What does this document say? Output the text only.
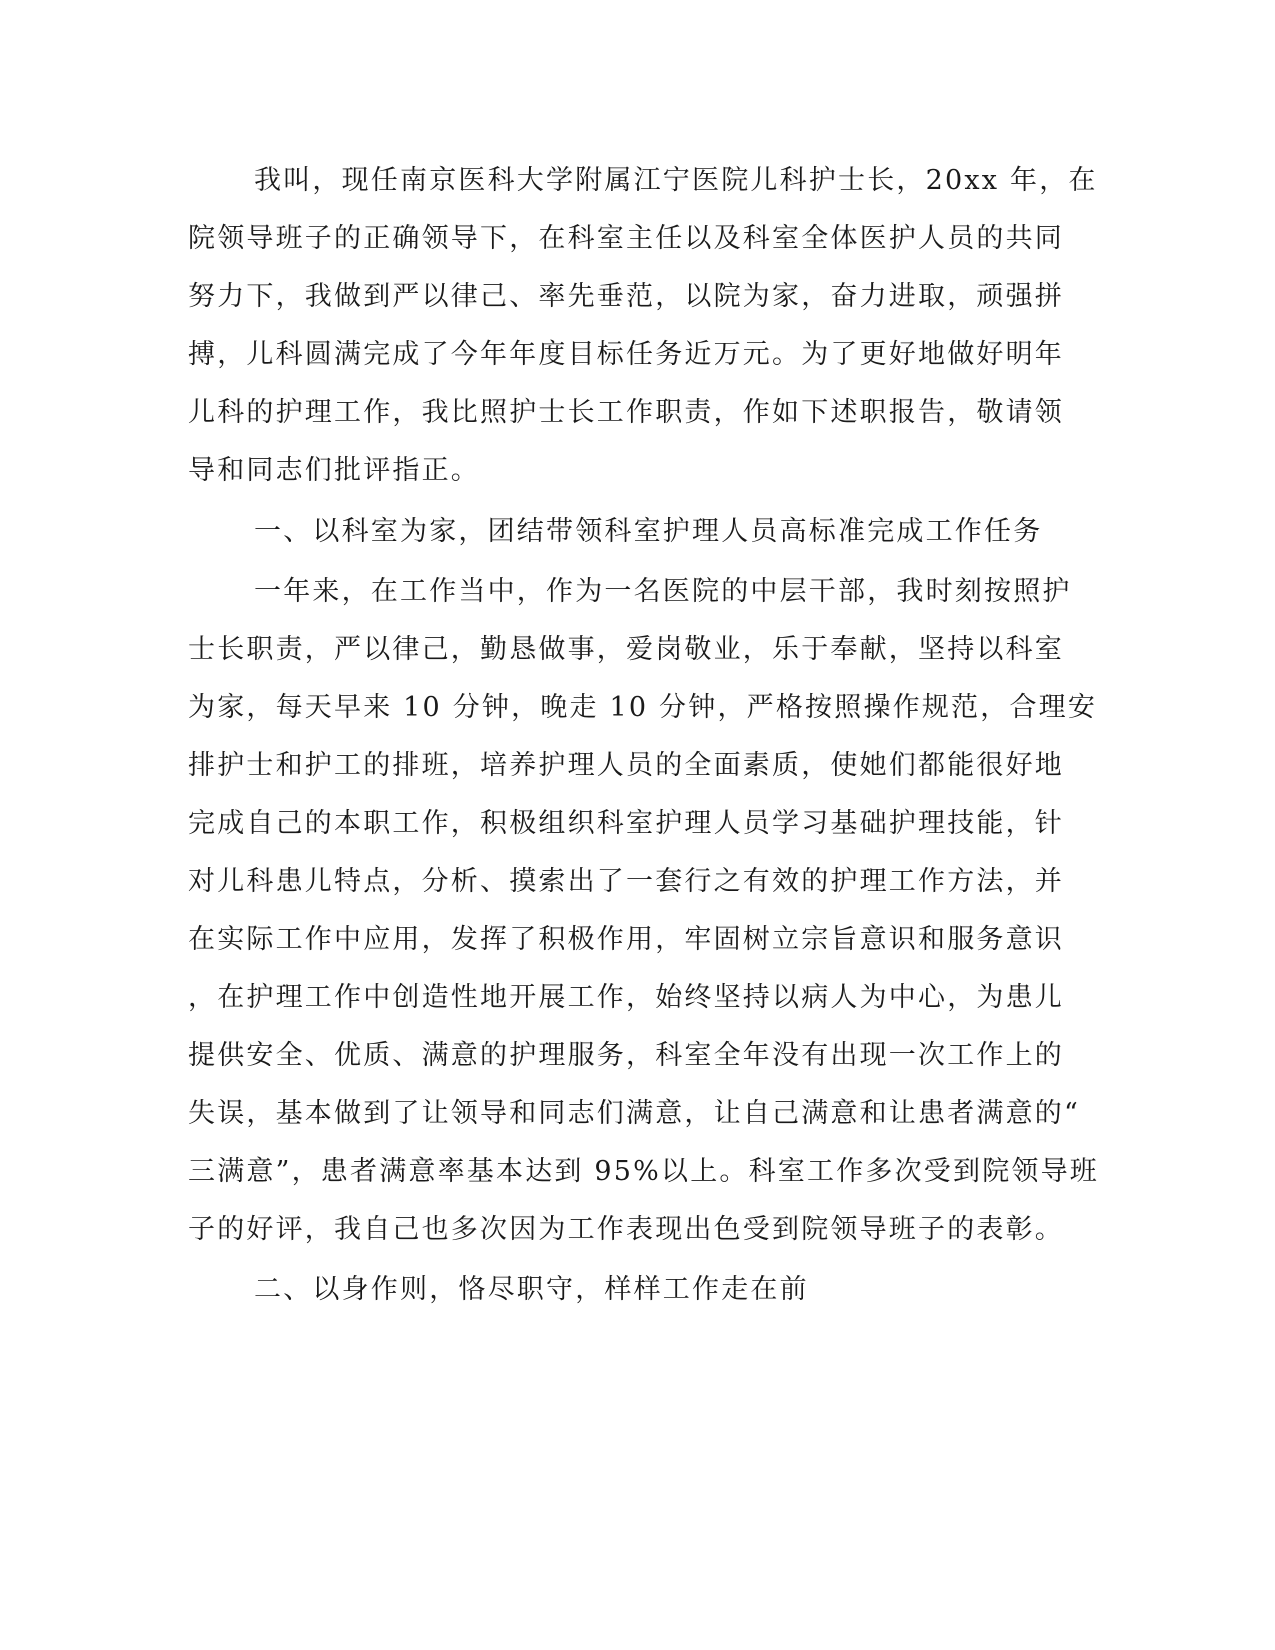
我叫，现任南京医科大学附属江宁医院儿科护士长，20xx 年，在
院领导班子的正确领导下，在科室主任以及科室全体医护人员的共同
努力下，我做到严以律己、率先垂范，以院为家，奋力进取，顽强拼
搏，儿科圆满完成了今年年度目标任务近万元。为了更好地做好明年
儿科的护理工作，我比照护士长工作职责，作如下述职报告，敬请领
导和同志们批评指正。
一、以科室为家，团结带领科室护理人员高标准完成工作任务
一年来，在工作当中，作为一名医院的中层干部，我时刻按照护
士长职责，严以律己，勤恳做事，爱岗敬业，乐于奉献，坚持以科室
为家，每天早来 10 分钟，晚走 10 分钟，严格按照操作规范，合理安
排护士和护工的排班，培养护理人员的全面素质，使她们都能很好地
完成自己的本职工作，积极组织科室护理人员学习基础护理技能，针
对儿科患儿特点，分析、摸索出了一套行之有效的护理工作方法，并
在实际工作中应用，发挥了积极作用，牢固树立宗旨意识和服务意识
，在护理工作中创造性地开展工作，始终坚持以病人为中心，为患儿
提供安全、优质、满意的护理服务，科室全年没有出现一次工作上的
失误，基本做到了让领导和同志们满意，让自己满意和让患者满意的“
三满意”，患者满意率基本达到 95%以上。科室工作多次受到院领导班
子的好评，我自己也多次因为工作表现出色受到院领导班子的表彰。
二、以身作则，恪尽职守，样样工作走在前
